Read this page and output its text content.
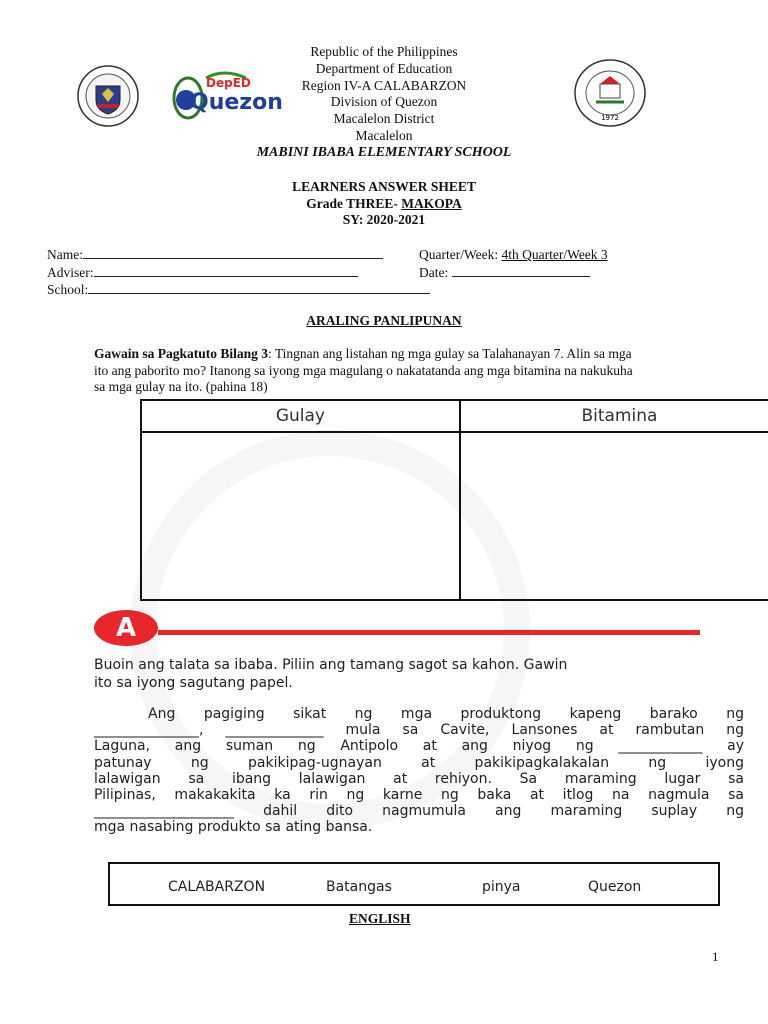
DepED
Quezon
1972
Republic of the Philippines
Department of Education
Region IV-A CALABARZON
Division of Quezon
Macalelon District
Macalelon
MABINI IBABA ELEMENTARY SCHOOL
LEARNERS ANSWER SHEET
Grade THREE- MAKOPA
SY: 2020-2021
Name:
Adviser:
School:
Quarter/Week: 4th Quarter/Week 3
Date:
ARALING PANLIPUNAN
Gawain sa Pagkatuto Bilang 3: Tingnan ang listahan ng mga gulay sa Talahanayan 7. Alin sa mga
ito ang paborito mo? Itanong sa iyong mga magulang o nakatatanda ang mga bitamina na nakukuha
sa mga gulay na ito. (pahina 18)
Gulay	Bitamina

A
Buoin ang talata sa ibaba. Piliin ang tamang sagot sa kahon. Gawin
ito sa iyong sagutang papel.
Ang pagiging sikat ng mga produktong kapeng barako ng
_______________, ______________ mula sa Cavite, Lansones at rambutan ng
Laguna, ang suman ng Antipolo at ang niyog ng ____________ ay
patunay ng pakikipag-ugnayan at pakikipagkalakalan ng iyong
lalawigan sa ibang lalawigan at rehiyon. Sa maraming lugar sa
Pilipinas, makakakita ka rin ng karne ng baka at itlog na nagmula sa
____________________ dahil dito nagmumula ang maraming suplay ng
mga nasabing produkto sa ating bansa.
CALABARZON	Batangas	pinya	Quezon
ENGLISH
1
